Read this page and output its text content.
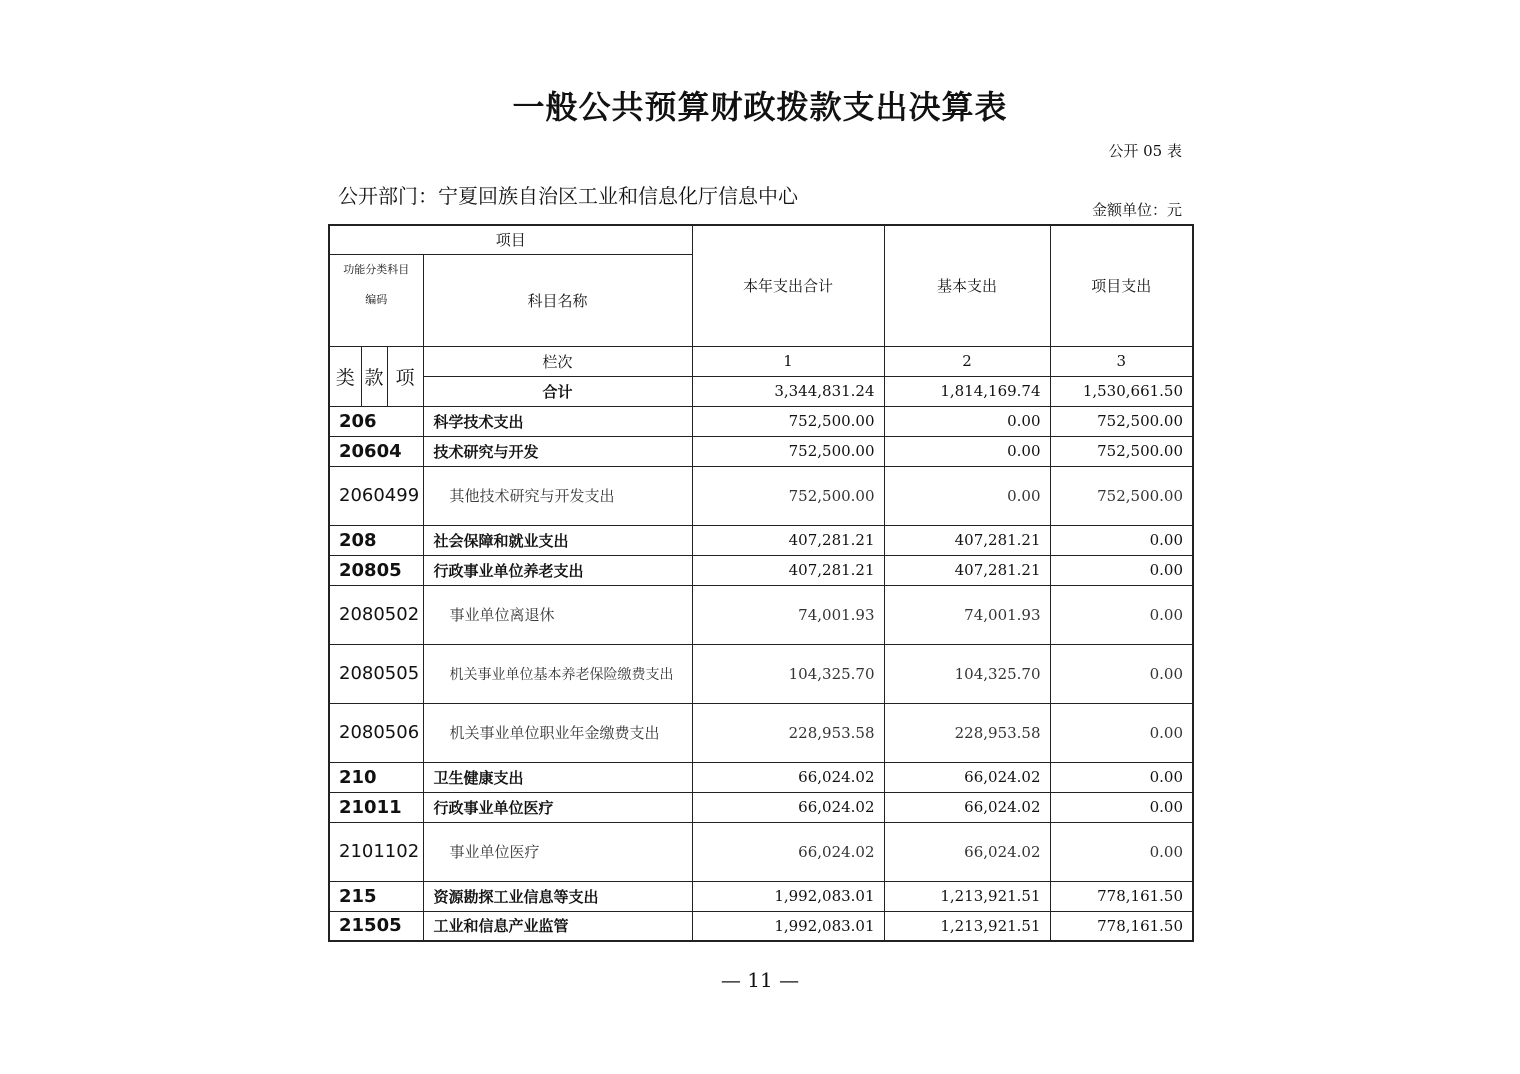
一般公共预算财政拨款支出决算表
公开 05 表
公开部门：宁夏回族自治区工业和信息化厅信息中心
金额单位：元
项目				本年支出合计	基本支出	项目支出
功能分类科目
编码			科目名称			
类	款	项	栏次	1	2	3
			合计	3,344,831.24	1,814,169.74	1,530,661.50
206			科学技术支出	752,500.00	0.00	752,500.00
20604			技术研究与开发	752,500.00	0.00	752,500.00
2060499			其他技术研究与开发支出	752,500.00	0.00	752,500.00
208			社会保障和就业支出	407,281.21	407,281.21	0.00
20805			行政事业单位养老支出	407,281.21	407,281.21	0.00
2080502			事业单位离退休	74,001.93	74,001.93	0.00
2080505			机关事业单位基本养老保险缴费支出	104,325.70	104,325.70	0.00
2080506			机关事业单位职业年金缴费支出	228,953.58	228,953.58	0.00
210			卫生健康支出	66,024.02	66,024.02	0.00
21011			行政事业单位医疗	66,024.02	66,024.02	0.00
2101102			事业单位医疗	66,024.02	66,024.02	0.00
215			资源勘探工业信息等支出	1,992,083.01	1,213,921.51	778,161.50
21505			工业和信息产业监管	1,992,083.01	1,213,921.51	778,161.50
— 11 —
